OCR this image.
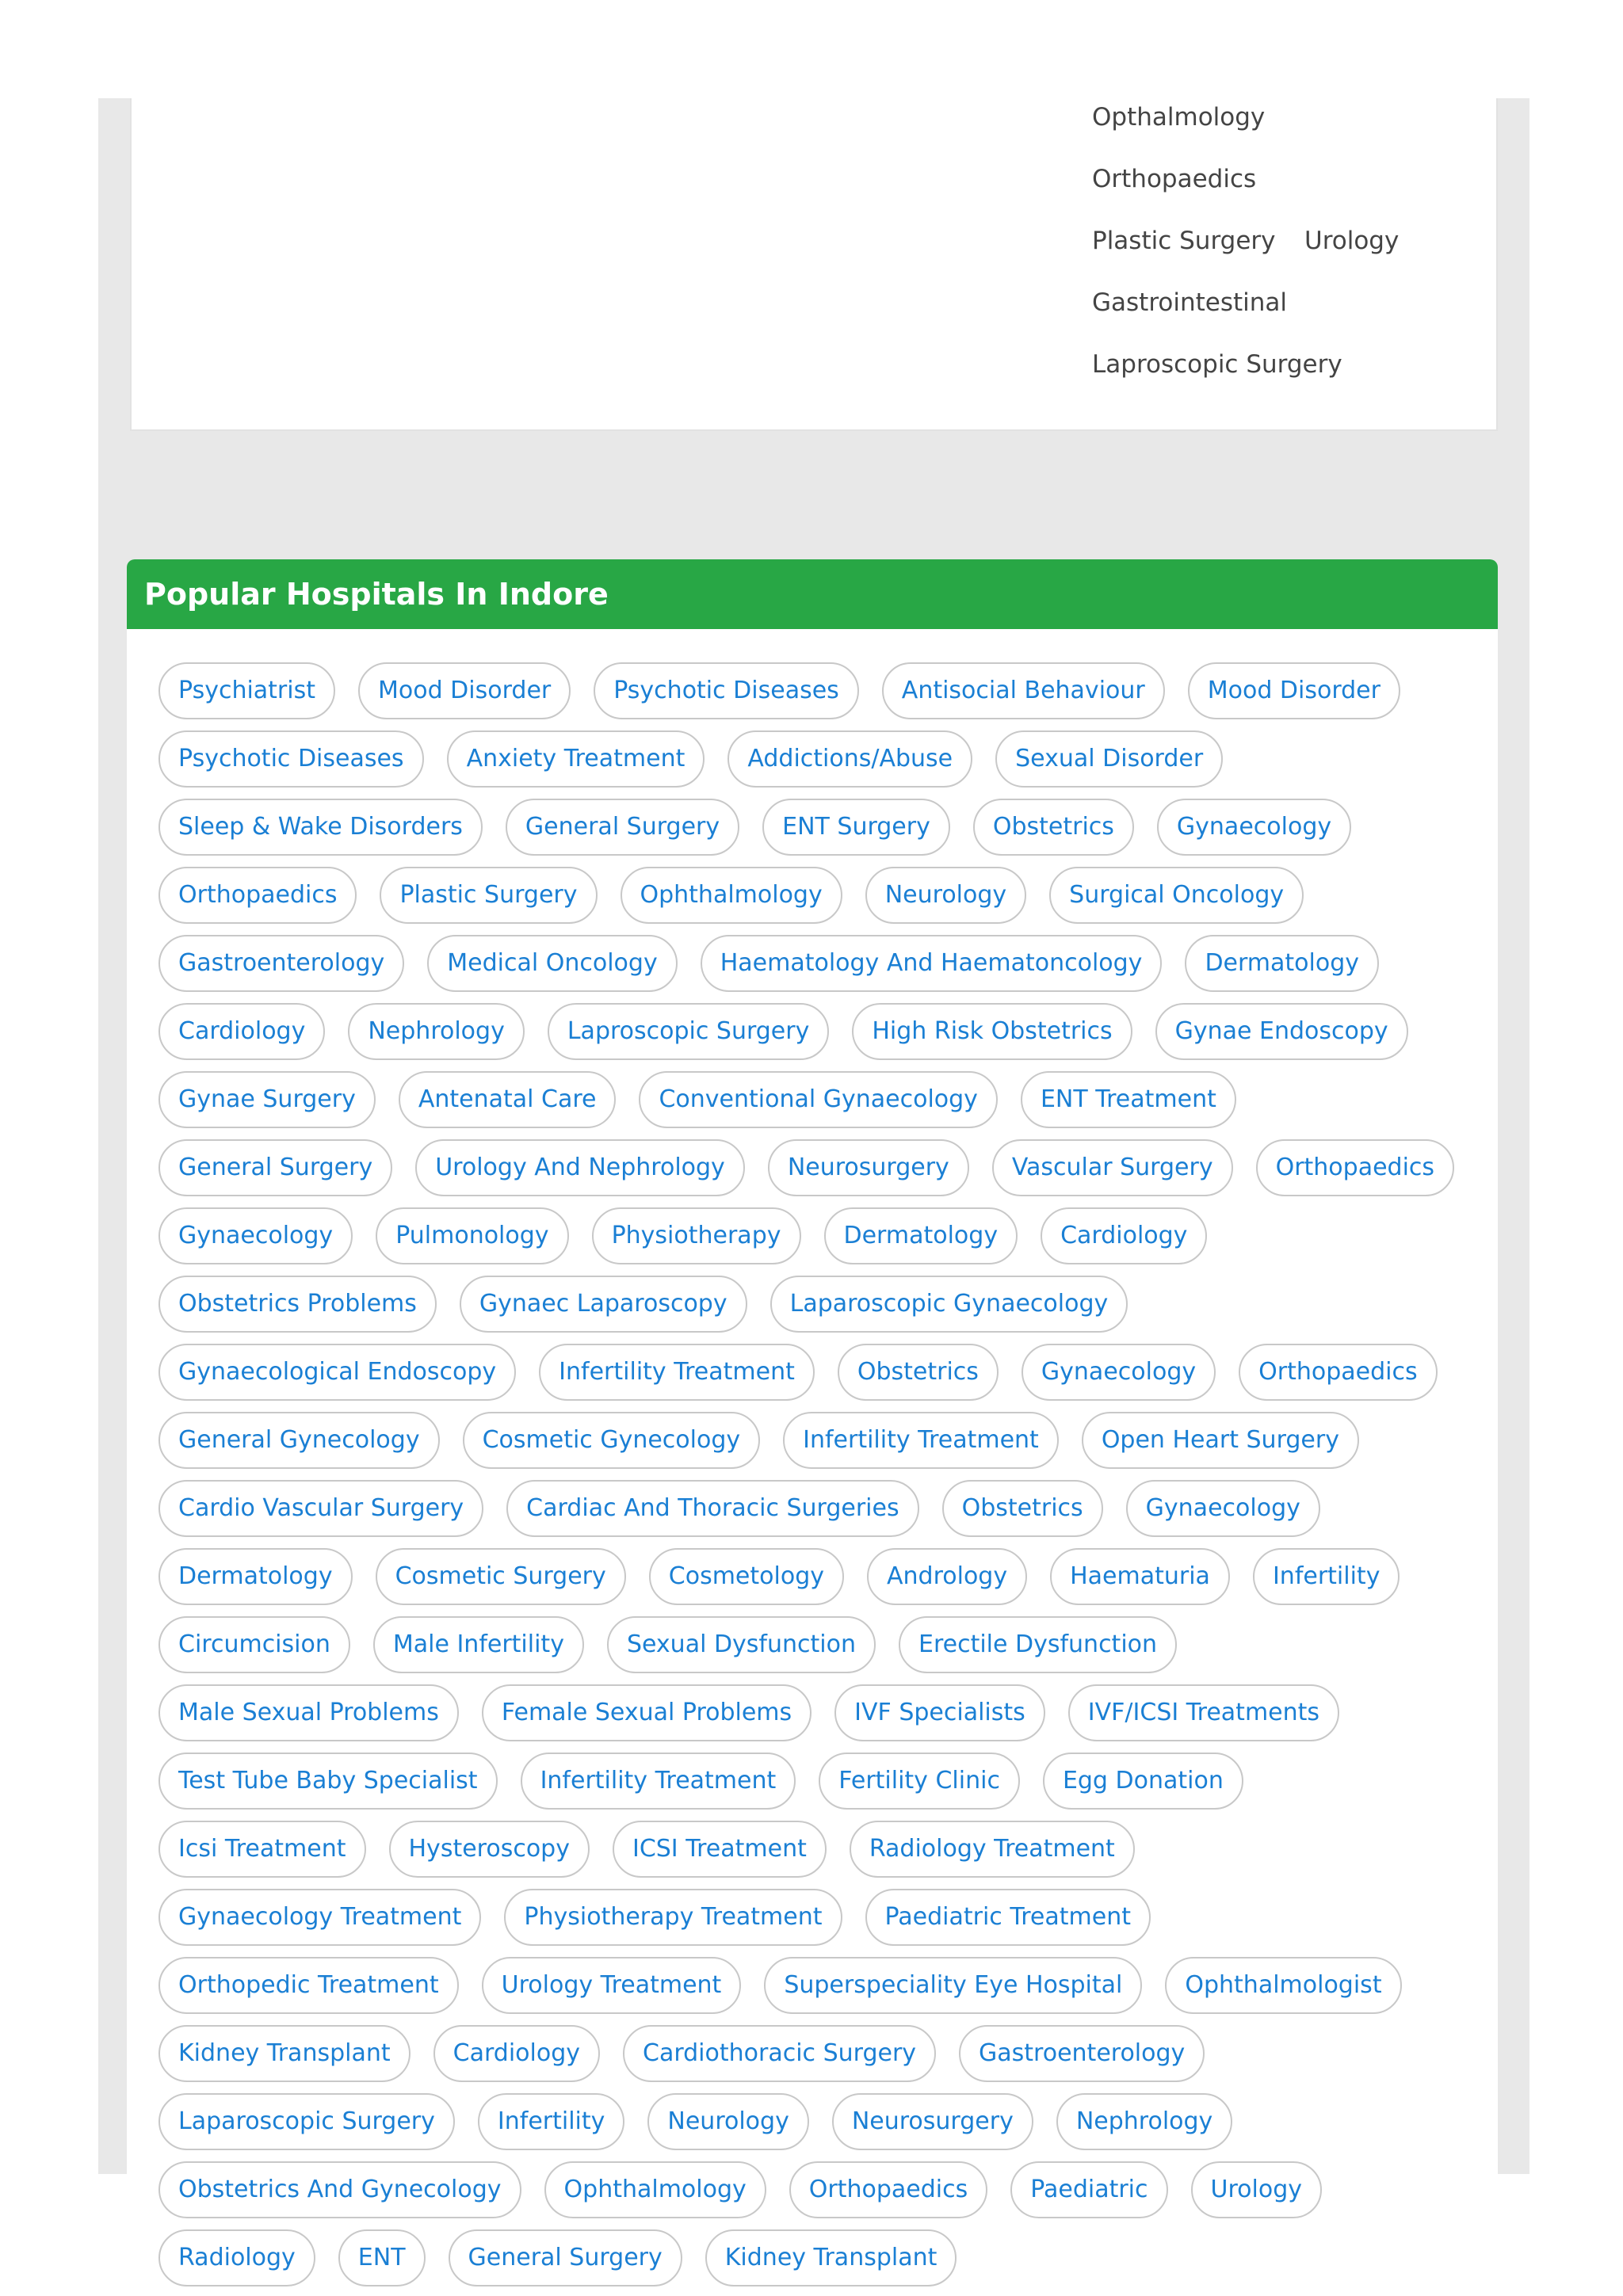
Opthalmology
Orthopaedics
Plastic Surgery Urology
Gastrointestinal
Laproscopic Surgery
Popular Hospitals In Indore
Psychiatrist	Mood Disorder	Psychotic Diseases	Antisocial Behaviour	Mood Disorder
Psychotic Diseases	Anxiety Treatment	Addictions/Abuse	Sexual Disorder
Sleep & Wake Disorders	General Surgery	ENT Surgery	Obstetrics	Gynaecology
Orthopaedics	Plastic Surgery	Ophthalmology	Neurology	Surgical Oncology
Gastroenterology	Medical Oncology	Haematology And Haematoncology	Dermatology
Cardiology	Nephrology	Laproscopic Surgery	High Risk Obstetrics	Gynae Endoscopy
Gynae Surgery	Antenatal Care	Conventional Gynaecology	ENT Treatment
General Surgery	Urology And Nephrology	Neurosurgery	Vascular Surgery	Orthopaedics
Gynaecology	Pulmonology	Physiotherapy	Dermatology	Cardiology
Obstetrics Problems	Gynaec Laparoscopy	Laparoscopic Gynaecology
Gynaecological Endoscopy	Infertility Treatment	Obstetrics	Gynaecology	Orthopaedics
General Gynecology	Cosmetic Gynecology	Infertility Treatment	Open Heart Surgery
Cardio Vascular Surgery	Cardiac And Thoracic Surgeries	Obstetrics	Gynaecology
Dermatology	Cosmetic Surgery	Cosmetology	Andrology	Haematuria	Infertility
Circumcision	Male Infertility	Sexual Dysfunction	Erectile Dysfunction
Male Sexual Problems	Female Sexual Problems	IVF Specialists	IVF/ICSI Treatments
Test Tube Baby Specialist	Infertility Treatment	Fertility Clinic	Egg Donation
Icsi Treatment	Hysteroscopy	ICSI Treatment	Radiology Treatment
Gynaecology Treatment	Physiotherapy Treatment	Paediatric Treatment
Orthopedic Treatment	Urology Treatment	Superspeciality Eye Hospital	Ophthalmologist
Kidney Transplant	Cardiology	Cardiothoracic Surgery	Gastroenterology
Laparoscopic Surgery	Infertility	Neurology	Neurosurgery	Nephrology
Obstetrics And Gynecology	Ophthalmology	Orthopaedics	Paediatric	Urology
Radiology	ENT	General Surgery	Kidney Transplant
